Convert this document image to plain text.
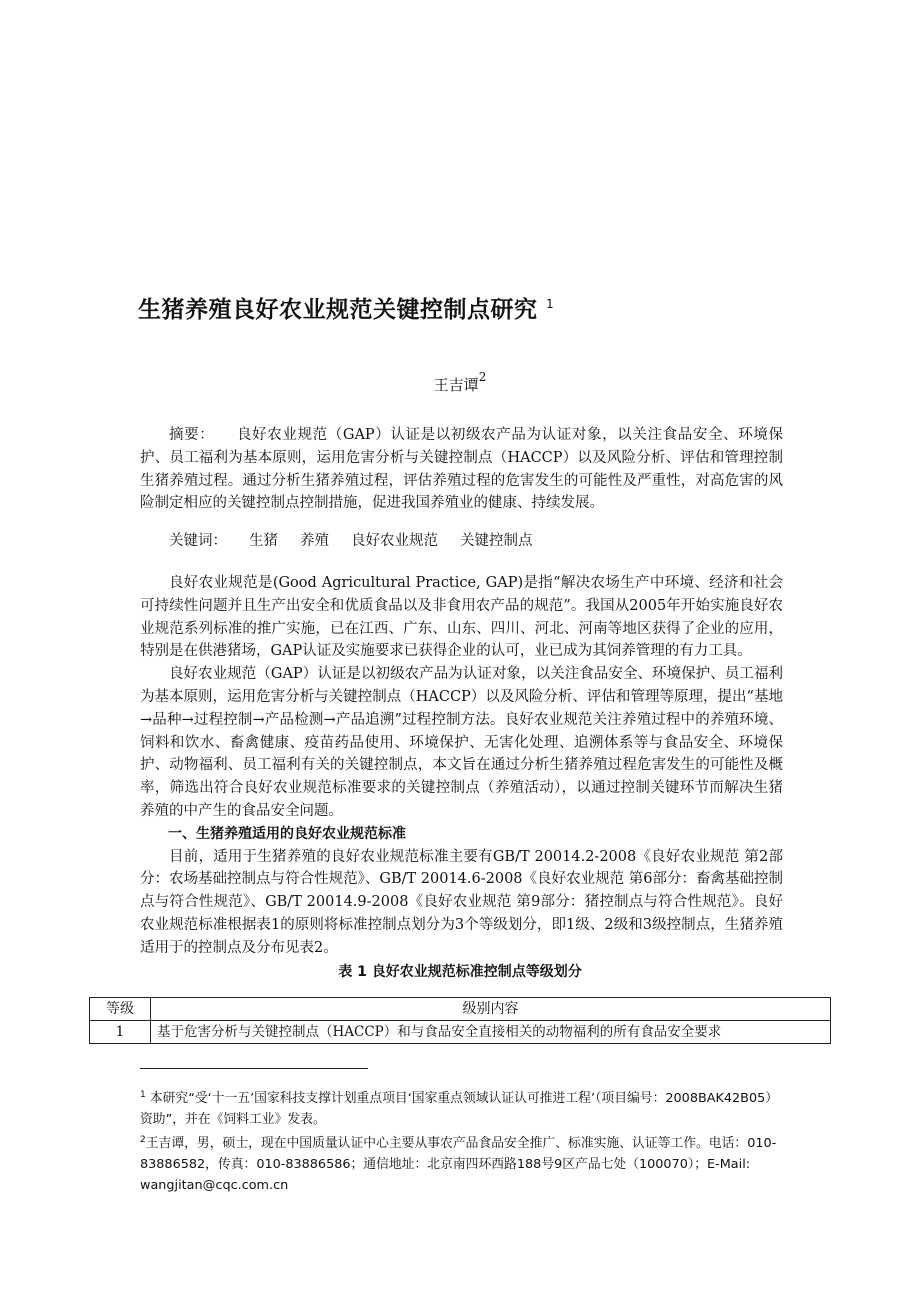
生猪养殖良好农业规范关键控制点研究 $^1$
王吉谭$^2$

摘要： 良好农业规范（GAP）认证是以初级农产品为认证对象，以关注食品安全、环境保护、员工福利为基本原则，运用危害分析与关键控制点（HACCP）以及风险分析、评估和管理控制生猪养殖过程。通过分析生猪养殖过程，评估养殖过程的危害发生的可能性及严重性，对高危害的风险制定相应的关键控制点控制措施，促进我国养殖业的健康、持续发展。

关键词： 生猪 养殖 良好农业规范 关键控制点

良好农业规范是(Good Agricultural Practice, GAP)是指“解决农场生产中环境、经济和社会可持续性问题并且生产出安全和优质食品以及非食用农产品的规范”。我国从2005年开始实施良好农业规范系列标准的推广实施，已在江西、广东、山东、四川、河北、河南等地区获得了企业的应用，特别是在供港猪场，GAP认证及实施要求已获得企业的认可，业已成为其饲养管理的有力工具。

良好农业规范（GAP）认证是以初级农产品为认证对象，以关注食品安全、环境保护、员工福利为基本原则，运用危害分析与关键控制点（HACCP）以及风险分析、评估和管理等原理，提出“基地→品种→过程控制→产品检测→产品追溯”过程控制方法。良好农业规范关注养殖过程中的养殖环境、饲料和饮水、畜禽健康、疫苗药品使用、环境保护、无害化处理、追溯体系等与食品安全、环境保护、动物福利、员工福利有关的关键控制点，本文旨在通过分析生猪养殖过程危害发生的可能性及概率，筛选出符合良好农业规范标准要求的关键控制点（养殖活动），以通过控制关键环节而解决生猪养殖的中产生的食品安全问题。

一、生猪养殖适用的良好农业规范标准

目前，适用于生猪养殖的良好农业规范标准主要有GB/T 20014.2-2008《良好农业规范 第2部分：农场基础控制点与符合性规范》、GB/T 20014.6-2008《良好农业规范 第6部分：畜禽基础控制点与符合性规范》、GB/T 20014.9-2008《良好农业规范 第9部分：猪控制点与符合性规范》。良好农业规范标准根据表1的原则将标准控制点划分为3个等级划分，即1级、2级和3级控制点，生猪养殖适用于的控制点及分布见表2。

表 1 良好农业规范标准控制点等级划分
等级	级别内容
1	基于危害分析与关键控制点（HACCP）和与食品安全直接相关的动物福利的所有食品安全要求

$^1$ 本研究“受‘十一五’国家科技支撑计划重点项目‘国家重点领域认证认可推进工程’（项目编号：2008BAK42B05）资助”，并在《饲料工业》发表。

$^2$王吉谭，男，硕士，现在中国质量认证中心主要从事农产品食品安全推广、标准实施、认证等工作。电话：010-83886582，传真：010-83886586；通信地址：北京南四环西路188号9区产品七处（100070）；E-Mail: wangjitan@cqc.com.cn
